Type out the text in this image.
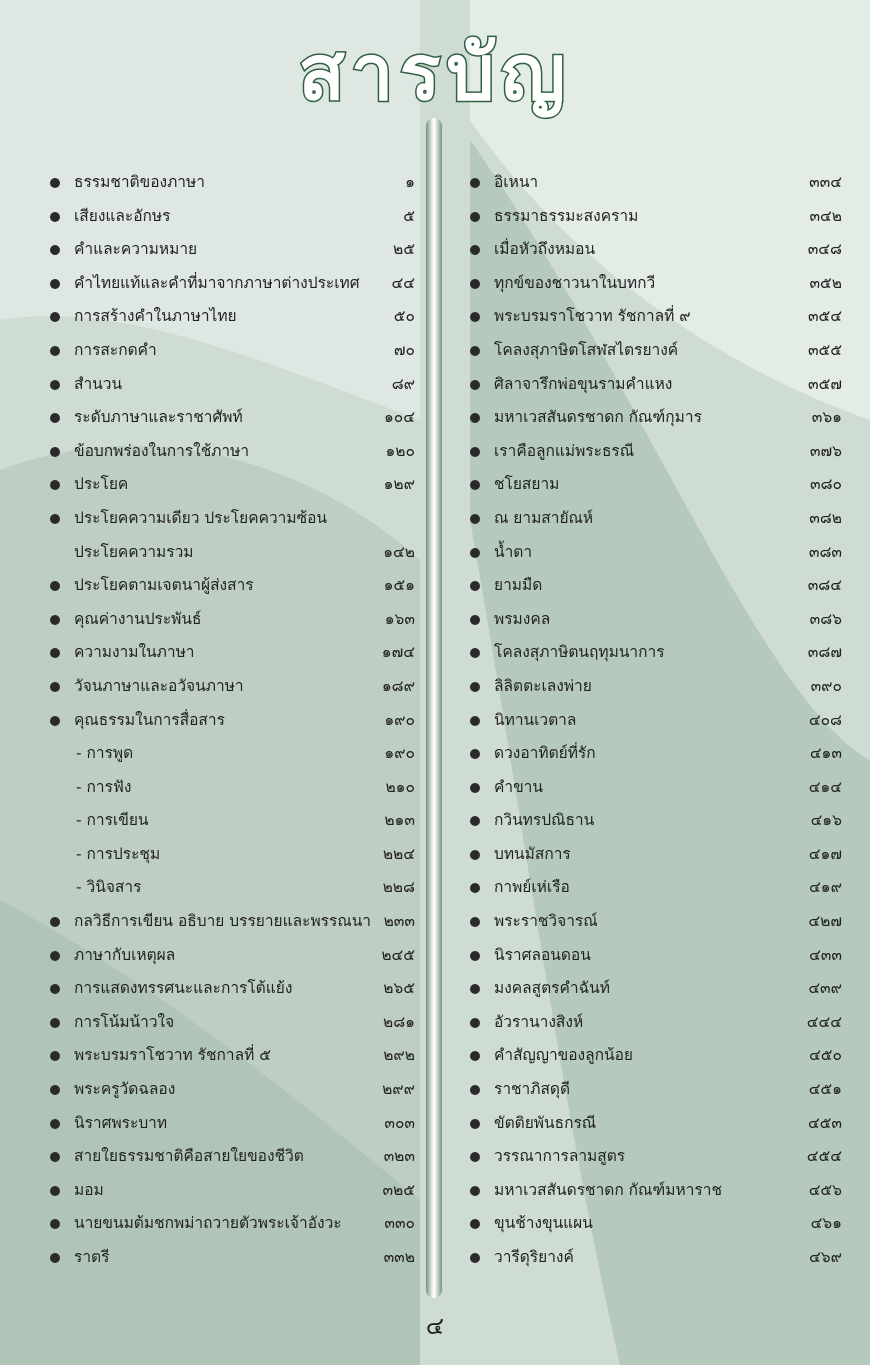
สารบัญ
ธรรมชาติของภาษา	๑
เสียงและอักษร	๕
คำและความหมาย	๒๕
คำไทยแท้และคำที่มาจากภาษาต่างประเทศ ๔๔
การสร้างคำในภาษาไทย	๕๐
การสะกดคำ	๗๐
สำนวน	๘๙
ระดับภาษาและราชาศัพท์	๑๐๔
ข้อบกพร่องในการใช้ภาษา	๑๒๐
ประโยค	๑๒๙
ประโยคความเดียว ประโยคความซ้อน
ประโยคความรวม	๑๔๒
ประโยคตามเจตนาผู้ส่งสาร	๑๕๑
คุณค่างานประพันธ์	๑๖๓
ความงามในภาษา	๑๗๔
วัจนภาษาและอวัจนภาษา	๑๘๙
คุณธรรมในการสื่อสาร	๑๙๐
- การพูด	๑๙๐
- การฟัง	๒๑๐
- การเขียน	๒๑๓
- การประชุม	๒๒๔
- วินิจสาร	๒๒๘
กลวิธีการเขียน อธิบาย บรรยายและพรรณนา ๒๓๓
ภาษากับเหตุผล	๒๔๕
การแสดงทรรศนะและการโต้แย้ง	๒๖๕
การโน้มน้าวใจ	๒๘๑
พระบรมราโชวาท รัชกาลที่ ๕	๒๙๒
พระครูวัดฉลอง	๒๙๙
นิราศพระบาท	๓๐๓
สายใยธรรมชาติคือสายใยของชีวิต	๓๒๓
มอม	๓๒๕
นายขนมต้มชกพม่าถวายตัวพระเจ้าอังวะ	๓๓๐
ราตรี	๓๓๒
อิเหนา	๓๓๔
ธรรมาธรรมะสงคราม	๓๔๒
เมื่อหัวถึงหมอน	๓๔๘
ทุกข์ของชาวนาในบทกวี	๓๕๒
พระบรมราโชวาท รัชกาลที่ ๙	๓๕๔
โคลงสุภาษิตโสฬสไตรยางค์	๓๕๕
ศิลาจารึกพ่อขุนรามคำแหง	๓๕๗
มหาเวสสันดรชาดก กัณฑ์กุมาร	๓๖๑
เราคือลูกแม่พระธรณี	๓๗๖
ชโยสยาม	๓๘๐
ณ ยามสายัณห์	๓๘๒
น้ำตา	๓๘๓
ยามมืด	๓๘๔
พรมงคล	๓๘๖
โคลงสุภาษิตนฤทุมนาการ	๓๘๗
ลิลิตตะเลงพ่าย	๓๙๐
นิทานเวตาล	๔๐๘
ดวงอาทิตย์ที่รัก	๔๑๓
คำขาน	๔๑๔
กวินทรปณิธาน	๔๑๖
บทนมัสการ	๔๑๗
กาพย์เห่เรือ	๔๑๙
พระราชวิจารณ์	๔๒๗
นิราศลอนดอน	๔๓๓
มงคลสูตรคำฉันท์	๔๓๙
อัวรานางสิงห์	๔๔๔
คำสัญญาของลูกน้อย	๔๕๐
ราชาภิสดุดี	๔๕๑
ขัตติยพันธกรณี	๔๕๓
วรรณาการลามสูตร	๔๕๔
มหาเวสสันดรชาดก กัณฑ์มหาราช	๔๕๖
ขุนช้างขุนแผน	๔๖๑
วารีดุริยางค์	๔๖๙
๔
